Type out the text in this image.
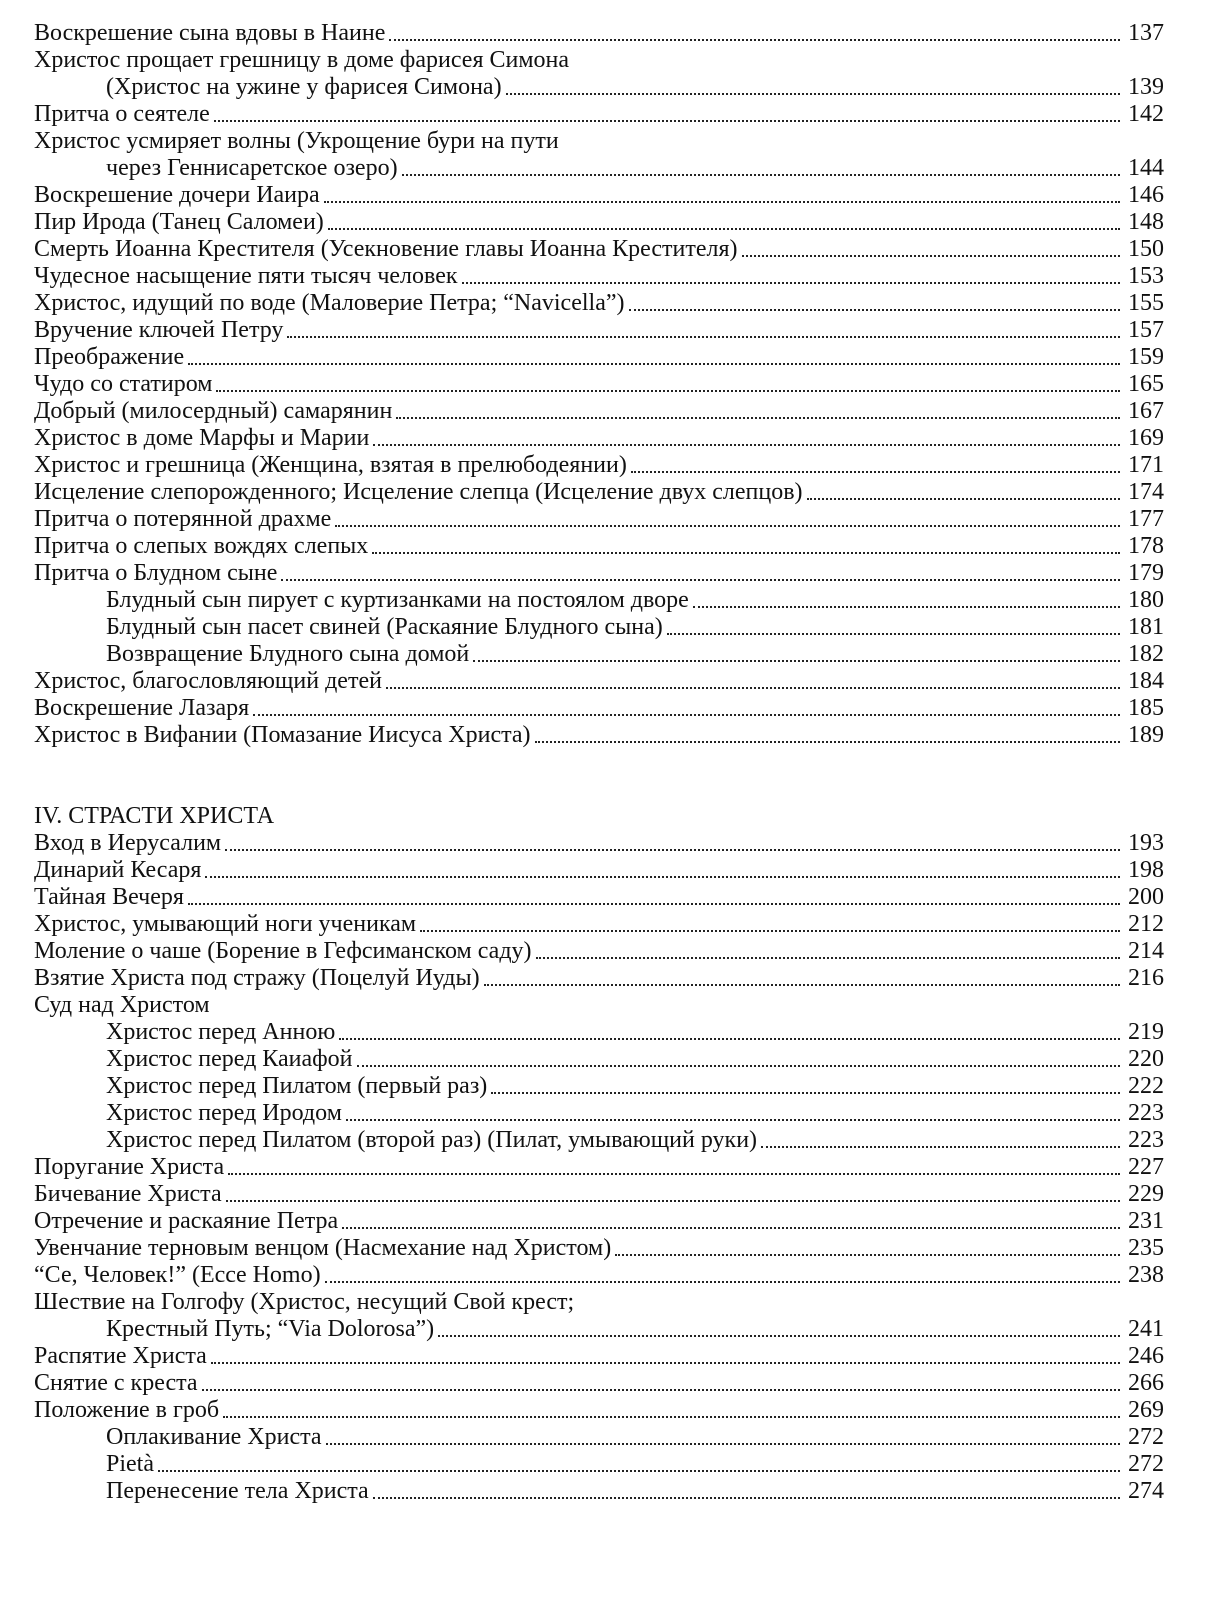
Воскрешение сына вдовы в Наине	137
Христос прощает грешницу в доме фарисея Симона
(Христос на ужине у фарисея Симона)	139
Притча о сеятеле	142
Христос усмиряет волны (Укрощение бури на пути
через Геннисаретское озеро)	144
Воскрешение дочери Иаира	146
Пир Ирода (Танец Саломеи)	148
Смерть Иоанна Крестителя (Усекновение главы Иоанна Крестителя)	150
Чудесное насыщение пяти тысяч человек	153
Христос, идущий по воде (Маловерие Петра; “Navicella”)	155
Вручение ключей Петру	157
Преображение	159
Чудо со статиром	165
Добрый (милосердный) самарянин	167
Христос в доме Марфы и Марии	169
Христос и грешница (Женщина, взятая в прелюбодеянии)	171
Исцеление слепорожденного; Исцеление слепца (Исцеление двух слепцов)	174
Притча о потерянной драхме	177
Притча о слепых вождях слепых	178
Притча о Блудном сыне	179
Блудный сын пирует с куртизанками на постоялом дворе	180
Блудный сын пасет свиней (Раскаяние Блудного сына)	181
Возвращение Блудного сына домой	182
Христос, благословляющий детей	184
Воскрешение Лазаря	185
Христос в Вифании (Помазание Иисуса Христа)	189
IV. СТРАСТИ ХРИСТА
Вход в Иерусалим	193
Динарий Кесаря	198
Тайная Вечеря	200
Христос, умывающий ноги ученикам	212
Моление о чаше (Борение в Гефсиманском саду)	214
Взятие Христа под стражу (Поцелуй Иуды)	216
Суд над Христом
Христос перед Анною	219
Христос перед Каиафой	220
Христос перед Пилатом (первый раз)	222
Христос перед Иродом	223
Христос перед Пилатом (второй раз) (Пилат, умывающий руки)	223
Поругание Христа	227
Бичевание Христа	229
Отречение и раскаяние Петра	231
Увенчание терновым венцом (Насмехание над Христом)	235
“Се, Человек!” (Ecce Homo)	238
Шествие на Голгофу (Христос, несущий Свой крест;
Крестный Путь; “Via Dolorosa”)	241
Распятие Христа	246
Снятие с креста	266
Положение в гроб	269
Оплакивание Христа	272
Pietà	272
Перенесение тела Христа	274
